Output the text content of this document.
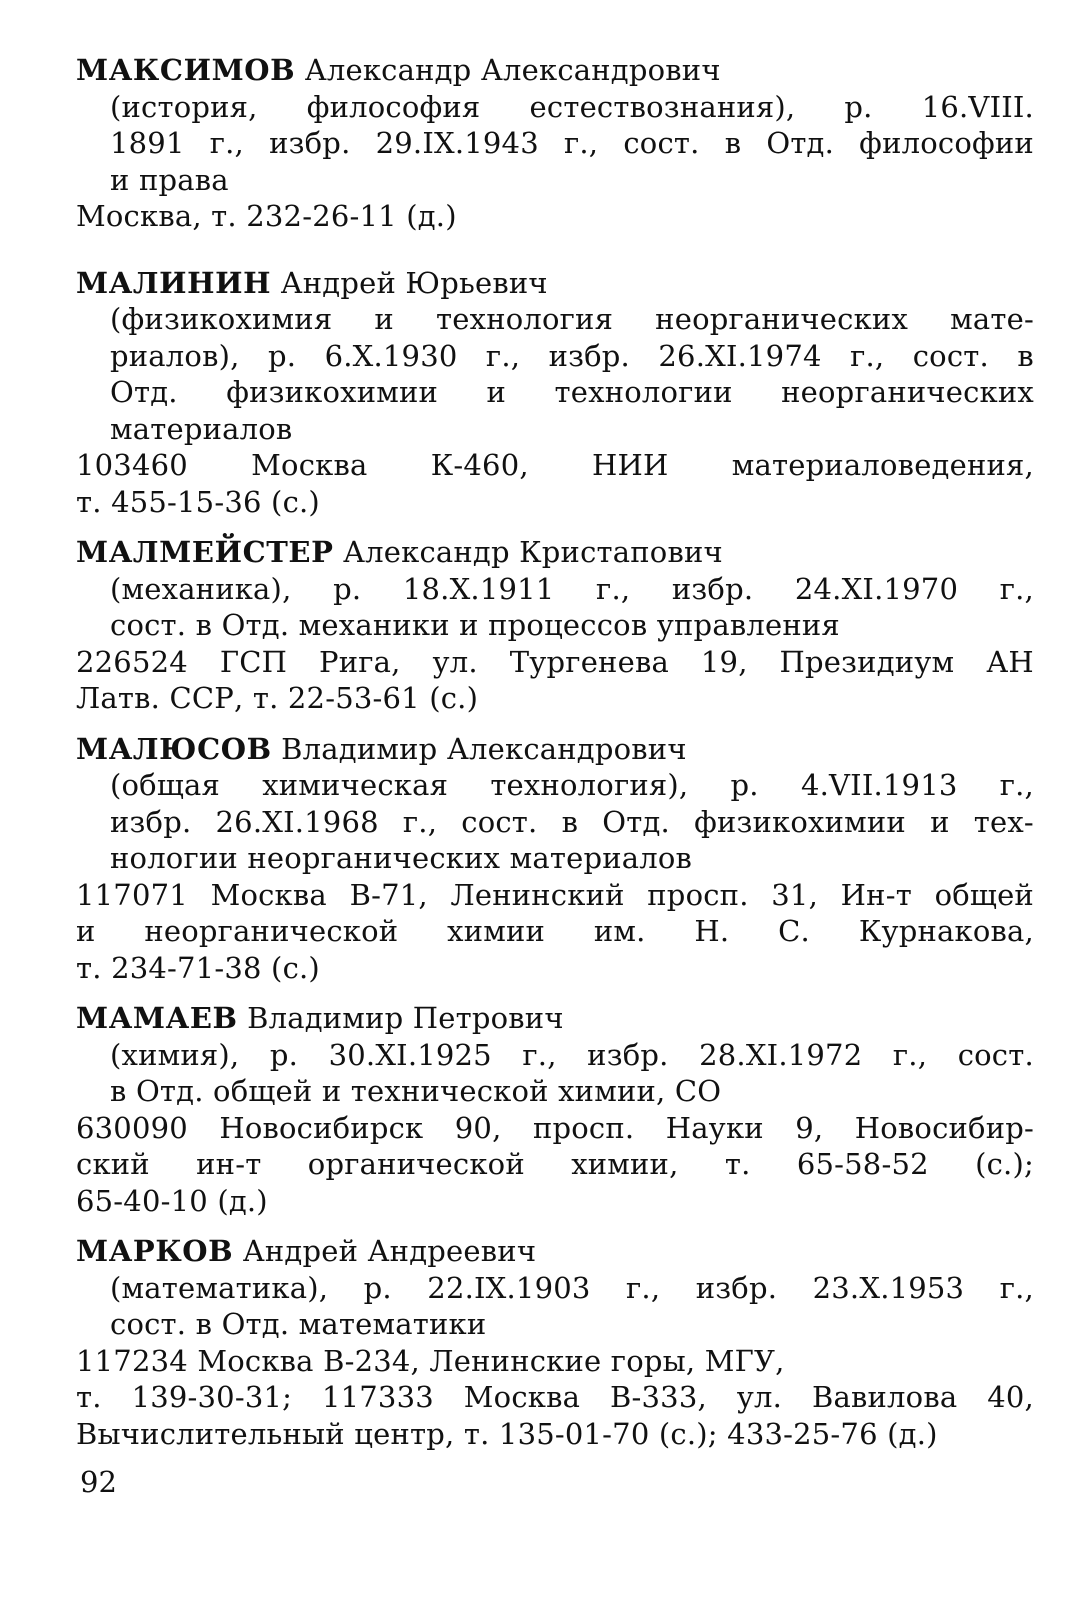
МАКСИМОВ Александр Александрович
(история, философия естествознания), р. 16.VIII.
1891 г., избр. 29.IX.1943 г., сост. в Отд. философии
и права
Москва, т. 232-26-11 (д.)
МАЛИНИН Андрей Юрьевич
(физикохимия и технология неорганических мате-
риалов), р. 6.X.1930 г., избр. 26.XI.1974 г., сост. в
Отд. физикохимии и технологии неорганических
материалов
103460 Москва К-460, НИИ материаловедения,
т. 455-15-36 (с.)
МАЛМЕЙСТЕР Александр Кристапович
(механика), р. 18.X.1911 г., избр. 24.XI.1970 г.,
сост. в Отд. механики и процессов управления
226524 ГСП Рига, ул. Тургенева 19, Президиум АН
Латв. ССР, т. 22-53-61 (с.)
МАЛЮСОВ Владимир Александрович
(общая химическая технология), р. 4.VII.1913 г.,
избр. 26.XI.1968 г., сост. в Отд. физикохимии и тех-
нологии неорганических материалов
117071 Москва В-71, Ленинский просп. 31, Ин-т общей
и неорганической химии им. Н. С. Курнакова,
т. 234-71-38 (с.)
МАМАЕВ Владимир Петрович
(химия), р. 30.XI.1925 г., избр. 28.XI.1972 г., сост.
в Отд. общей и технической химии, СО
630090 Новосибирск 90, просп. Науки 9, Новосибир-
ский ин-т органической химии, т. 65-58-52 (с.);
65-40-10 (д.)
МАРКОВ Андрей Андреевич
(математика), р. 22.IX.1903 г., избр. 23.X.1953 г.,
сост. в Отд. математики
117234 Москва В-234, Ленинские горы, МГУ,
т. 139-30-31; 117333 Москва В-333, ул. Вавилова 40,
Вычислительный центр, т. 135-01-70 (с.); 433-25-76 (д.)
92
